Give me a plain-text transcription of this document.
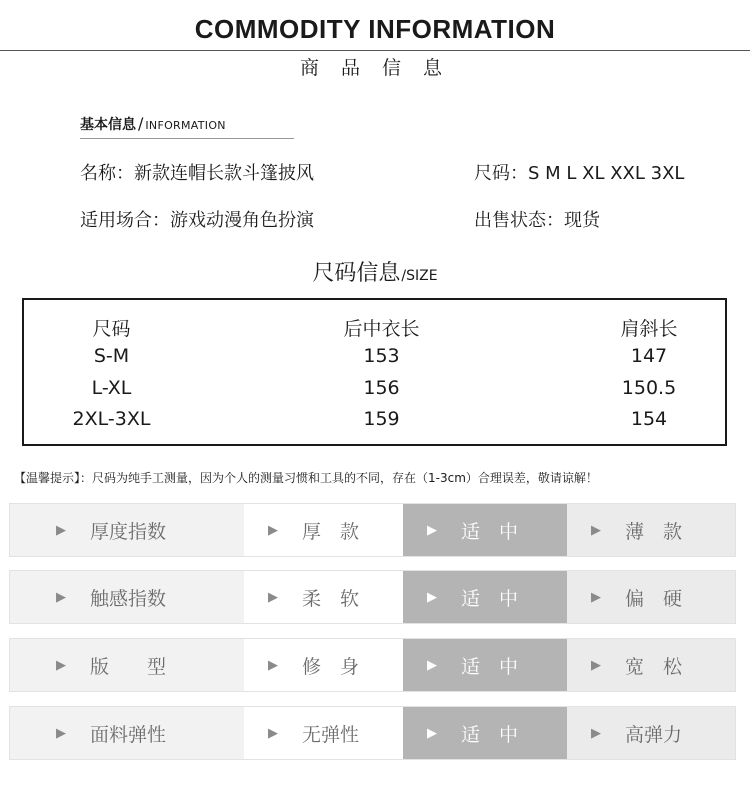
COMMODITY INFORMATION
商 品 信 息
基本信息 / INFORMATION
名称：新款连帽长款斗篷披风	尺码：S M L XL XXL 3XL
适用场合：游戏动漫角色扮演	出售状态：现货
尺码信息/SIZE
尺码	后中衣长	肩斜长
S-M	153	147
L-XL	156	150.5
2XL-3XL	159	154
【温馨提示】：尺码为纯手工测量，因为个人的测量习惯和工具的不同，存在（1-3cm）合理误差，敬请谅解！
▶ 厚度指数	▶ 厚　款	▶ 适　中	▶ 薄　款
▶ 触感指数	▶ 柔　软	▶ 适　中	▶ 偏　硬
▶ 版　　型	▶ 修　身	▶ 适　中	▶ 宽　松
▶ 面料弹性	▶ 无弹性	▶ 适　中	▶ 高弹力
